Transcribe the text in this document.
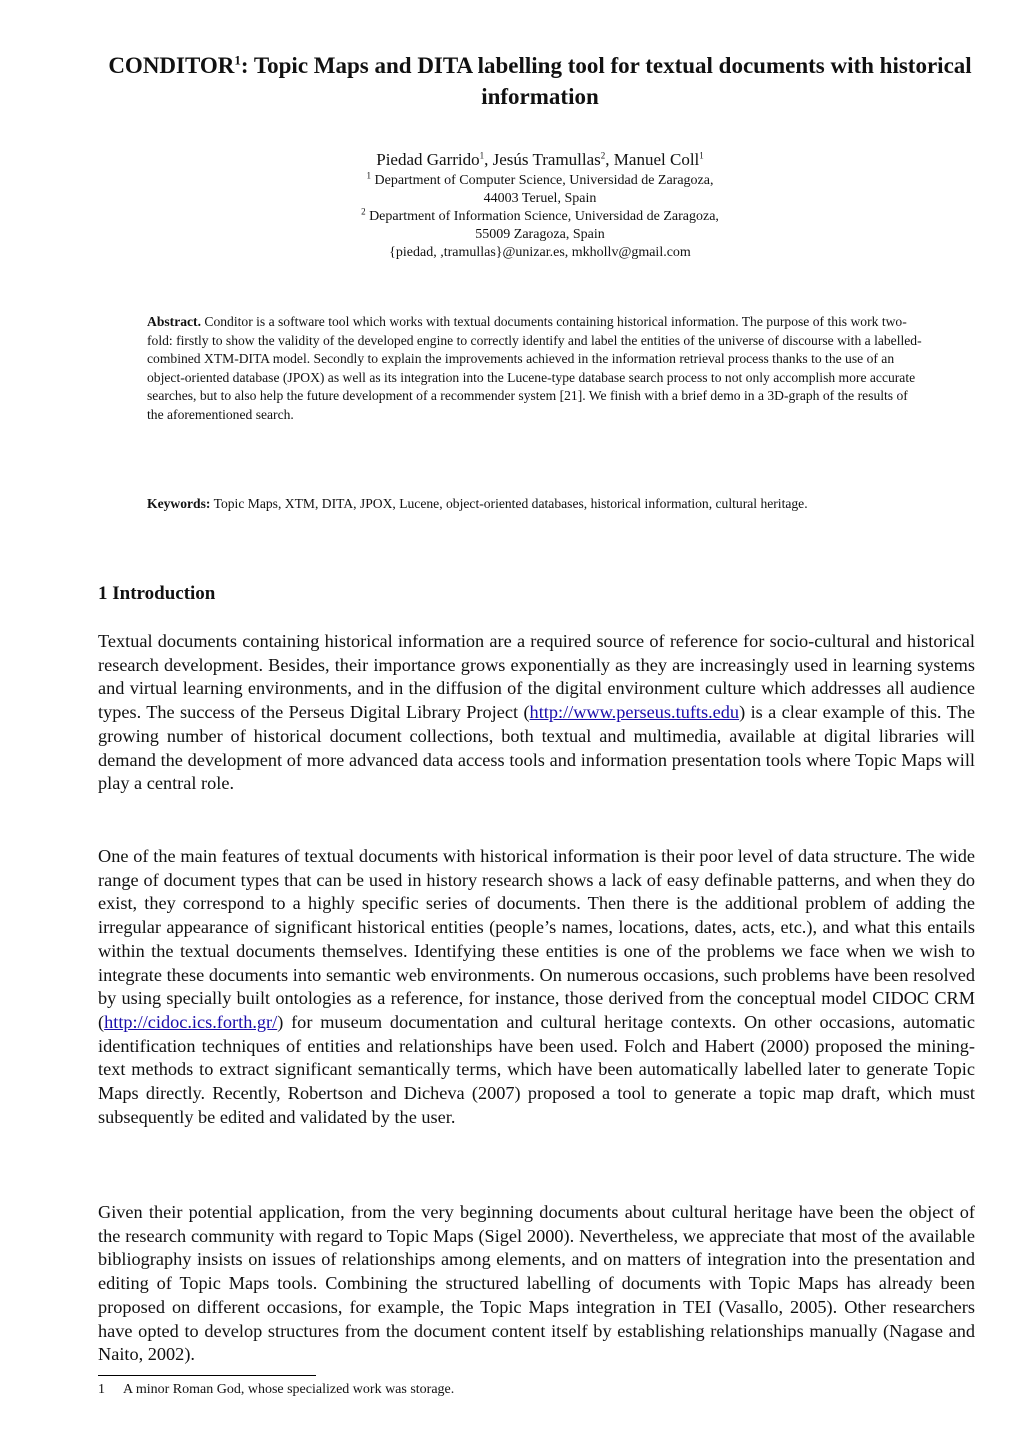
CONDITOR$^1$: Topic Maps and DITA labelling tool for textual documents with historical information
Piedad Garrido$^1$, Jesús Tramullas$^2$, Manuel Coll$^1$
$^1$ Department of Computer Science, Universidad de Zaragoza,
44003 Teruel, Spain
$^2$ Department of Information Science, Universidad de Zaragoza,
55009 Zaragoza, Spain
{piedad, ,tramullas}@unizar.es, mkhollv@gmail.com
Abstract. Conditor is a software tool which works with textual documents containing historical information. The purpose of this work two-fold: firstly to show the validity of the developed engine to correctly identify and label the entities of the universe of discourse with a labelled-combined XTM-DITA model. Secondly to explain the improvements achieved in the information retrieval process thanks to the use of an object-oriented database (JPOX) as well as its integration into the Lucene-type database search process to not only accomplish more accurate searches, but to also help the future development of a recommender system [21]. We finish with a brief demo in a 3D-graph of the results of the aforementioned search.
Keywords: Topic Maps, XTM, DITA, JPOX, Lucene, object-oriented databases, historical information, cultural heritage.
1 Introduction
Textual documents containing historical information are a required source of reference for socio-cultural and historical research development. Besides, their importance grows exponentially as they are increasingly used in learning systems and virtual learning environments, and in the diffusion of the digital environment culture which addresses all audience types. The success of the Perseus Digital Library Project (http://www.perseus.tufts.edu) is a clear example of this. The growing number of historical document collections, both textual and multimedia, available at digital libraries will demand the development of more advanced data access tools and information presentation tools where Topic Maps will play a central role.
One of the main features of textual documents with historical information is their poor level of data structure. The wide range of document types that can be used in history research shows a lack of easy definable patterns, and when they do exist, they correspond to a highly specific series of documents. Then there is the additional problem of adding the irregular appearance of significant historical entities (people’s names, locations, dates, acts, etc.), and what this entails within the textual documents themselves. Identifying these entities is one of the problems we face when we wish to integrate these documents into semantic web environments. On numerous occasions, such problems have been resolved by using specially built ontologies as a reference, for instance, those derived from the conceptual model CIDOC CRM (http://cidoc.ics.forth.gr/) for museum documentation and cultural heritage contexts. On other occasions, automatic identification techniques of entities and relationships have been used. Folch and Habert (2000) proposed the mining-text methods to extract significant semantically terms, which have been automatically labelled later to generate Topic Maps directly. Recently, Robertson and Dicheva (2007) proposed a tool to generate a topic map draft, which must subsequently be edited and validated by the user.
Given their potential application, from the very beginning documents about cultural heritage have been the object of the research community with regard to Topic Maps (Sigel 2000). Nevertheless, we appreciate that most of the available bibliography insists on issues of relationships among elements, and on matters of integration into the presentation and editing of Topic Maps tools. Combining the structured labelling of documents with Topic Maps has already been proposed on different occasions, for example, the Topic Maps integration in TEI (Vasallo, 2005). Other researchers have opted to develop structures from the document content itself by establishing relationships manually (Nagase and Naito, 2002).
1 A minor Roman God, whose specialized work was storage.
